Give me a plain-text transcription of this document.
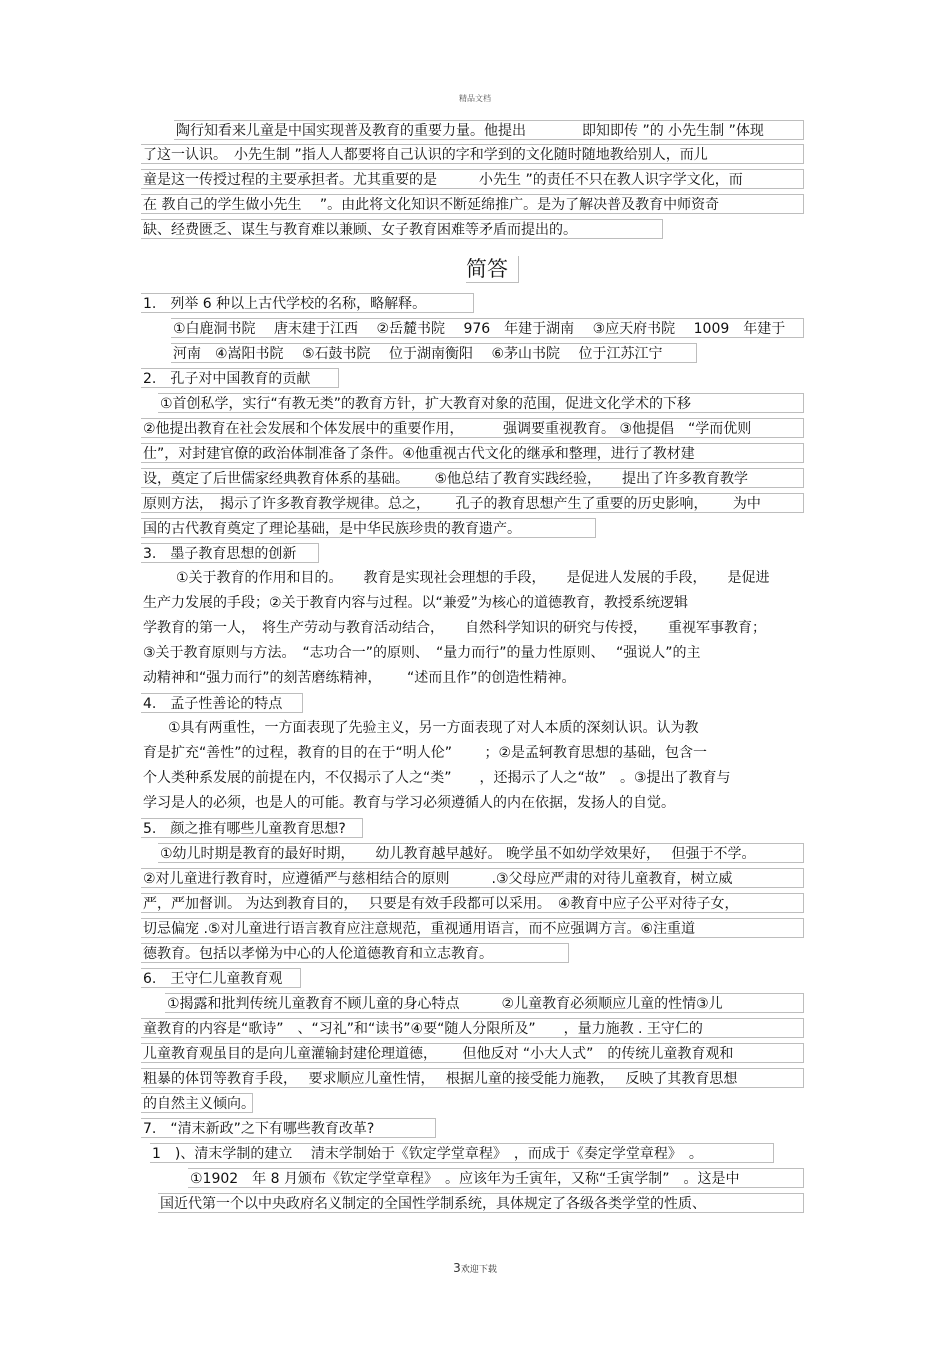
精品文档
陶行知看来儿童是中国实现普及教育的重要力量。他提出　　　　即知即传 ”的 小先生制 ”体现
了这一认识。　小先生制 ”指人人都要将自己认识的字和学到的文化随时随地教给别人，而儿
童是这一传授过程的主要承担者。尤其重要的是　　　小先生 ”的责任不只在教人识字学文化，而
在 教自己的学生做小先生　 ”。由此将文化知识不断延绵推广。是为了解决普及教育中师资奇
缺、经费匮乏、谋生与教育难以兼顾、女子教育困难等矛盾而提出的。
简答
1.　列举 6 种以上古代学校的名称，略解释。
①白鹿洞书院　 唐末建于江西　 ②岳麓书院　 976　年建于湖南　 ③应天府书院　 1009　年建于
河南　④嵩阳书院　 ⑤石鼓书院　 位于湖南衡阳　 ⑥茅山书院　 位于江苏江宁
2.　孔子对中国教育的贡献
①首创私学，实行“有教无类”的教育方针，扩大教育对象的范围，促进文化学术的下移
②他提出教育在社会发展和个体发展中的重要作用，　　　 强调要重视教育。 ③他提倡　“学而优则
仕”，对封建官僚的政治体制准备了条件。④他重视古代文化的继承和整理，进行了教材建
设，奠定了后世儒家经典教育体系的基础。　　 ⑤他总结了教育实践经验，　　提出了许多教育教学
原则方法，　揭示了许多教育教学规律。总之，　　 孔子的教育思想产生了重要的历史影响，　　 为中
国的古代教育奠定了理论基础，是中华民族珍贵的教育遗产。
3.　墨子教育思想的创新
①关于教育的作用和目的。　　教育是实现社会理想的手段，　　是促进人发展的手段，　　是促进
生产力发展的手段；②关于教育内容与过程。以“兼爱”为核心的道德教育，教授系统逻辑
学教育的第一人，　将生产劳动与教育活动结合，　　自然科学知识的研究与传授，　　重视军事教育；
③关于教育原则与方法。　“志功合一”的原则、　“量力而行”的量力性原则、　 “强说人”的主
动精神和“强力而行”的刻苦磨练精神，　　 “述而且作”的创造性精神。
4.　孟子性善论的特点
①具有两重性，一方面表现了先验主义，另一方面表现了对人本质的深刻认识。认为教
育是扩充“善性”的过程，教育的目的在于“明人伦”　　 ；②是孟轲教育思想的基础，包含一
个人类种系发展的前提在内，不仅揭示了人之“类”　　，还揭示了人之“故”　。③提出了教育与
学习是人的必须，也是人的可能。教育与学习必须遵循人的内在依据，发扬人的自觉。
5.　颜之推有哪些儿童教育思想?
①幼儿时期是教育的最好时期，　　幼儿教育越早越好。 晚学虽不如幼学效果好，　 但强于不学。
②对儿童进行教育时，应遵循严与慈相结合的原则　　　.③父母应严肃的对待儿童教育，树立威
严，严加督训。 为达到教育目的，　 只要是有效手段都可以采用。　④教育中应子公平对待子女，
切忌偏宠 .⑤对儿童进行语言教育应注意规范，重视通用语言，而不应强调方言。⑥注重道
德教育。包括以孝悌为中心的人伦道德教育和立志教育。
6.　王守仁儿童教育观
①揭露和批判传统儿童教育不顾儿童的身心特点　　　②儿童教育必须顺应儿童的性情③儿
童教育的内容是“歌诗”　、“习礼”和“读书”④要“随人分限所及”　　，量力施教 . 王守仁的
儿童教育观虽目的是向儿童灌输封建伦理道德，　　 但他反对 “小大人式”　的传统儿童教育观和
粗暴的体罚等教育手段，　 要求顺应儿童性情，　 根据儿童的接受能力施教，　 反映了其教育思想
的自然主义倾向。
7.　“清末新政”之下有哪些教育改革?
1　)、清末学制的建立　 清末学制始于《钦定学堂章程》　，而成于《奏定学堂章程》　。
①1902　年 8 月颁布《钦定学堂章程》　。应该年为壬寅年，又称“壬寅学制”　。这是中
国近代第一个以中央政府名义制定的全国性学制系统，具体规定了各级各类学堂的性质、
3欢迎下载
